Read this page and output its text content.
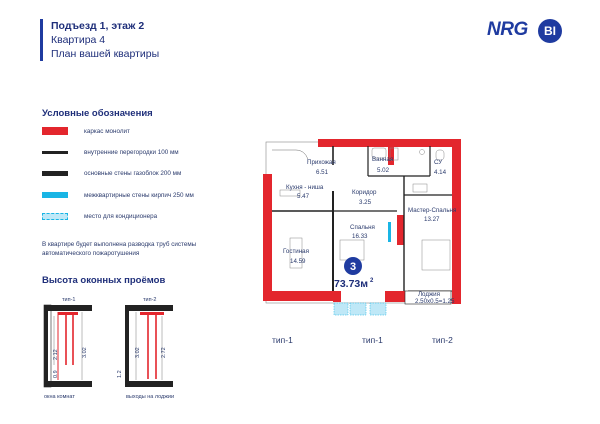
Подъезд 1, этаж 2
Квартира 4
План вашей квартиры
NRG	BI
Условные обозначения
каркас монолит
внутренние перегородки 100 мм
основные стены газоблок 200 мм
межквартирные стены кирпич 250 мм
место для кондиционера
В квартире будет выполнена разводка труб системы автоматического пожаротушения
Высота оконных проёмов
тип-1
2.12	3.02
0.9
окна комнат
тип-2
3.02	2.72
1.2
выходы на лоджии
Прихожая
6.51
Ванная
5.02
СУ
4.14
Кухня - ниша
5.47
Коридор
3.25
Мастер-Спальня
13.27
Спальня
16.33
Гостиная
14.59
Лоджия
2.50x0.5=1.25
3
73.73м 2
тип-1	тип-1	тип-2
